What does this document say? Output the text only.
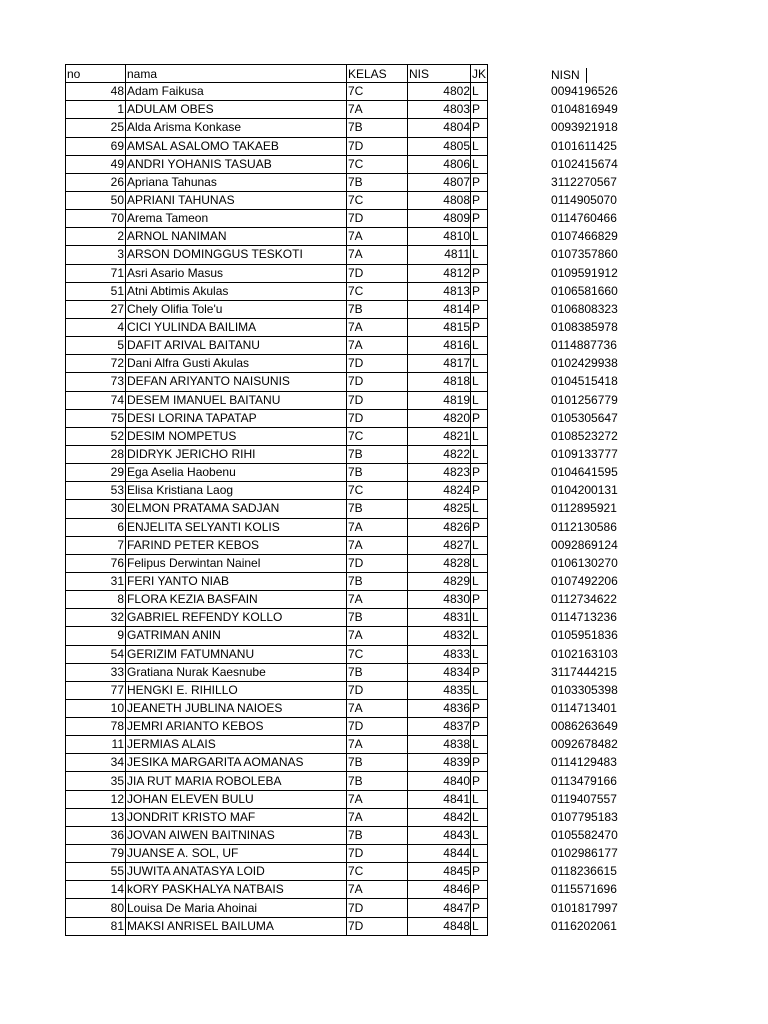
no	nama	KELAS	NIS	JK	NISN
48	Adam Faikusa	7C	4802	L	0094196526
1	ADULAM OBES	7A	4803	P	0104816949
25	Alda Arisma Konkase	7B	4804	P	0093921918
69	AMSAL ASALOMO TAKAEB	7D	4805	L	0101611425
49	ANDRI YOHANIS TASUAB	7C	4806	L	0102415674
26	Apriana Tahunas	7B	4807	P	3112270567
50	APRIANI TAHUNAS	7C	4808	P	0114905070
70	Arema Tameon	7D	4809	P	0114760466
2	ARNOL NANIMAN	7A	4810	L	0107466829
3	ARSON DOMINGGUS TESKOTI	7A	4811	L	0107357860
71	Asri Asario Masus	7D	4812	P	0109591912
51	Atni Abtimis Akulas	7C	4813	P	0106581660
27	Chely Olifia Tole'u	7B	4814	P	0106808323
4	CICI YULINDA BAILIMA	7A	4815	P	0108385978
5	DAFIT ARIVAL BAITANU	7A	4816	L	0114887736
72	Dani Alfra Gusti Akulas	7D	4817	L	0102429938
73	DEFAN ARIYANTO NAISUNIS	7D	4818	L	0104515418
74	DESEM IMANUEL BAITANU	7D	4819	L	0101256779
75	DESI LORINA TAPATAP	7D	4820	P	0105305647
52	DESIM NOMPETUS	7C	4821	L	0108523272
28	DIDRYK JERICHO RIHI	7B	4822	L	0109133777
29	Ega Aselia Haobenu	7B	4823	P	0104641595
53	Elisa Kristiana Laog	7C	4824	P	0104200131
30	ELMON PRATAMA SADJAN	7B	4825	L	0112895921
6	ENJELITA SELYANTI KOLIS	7A	4826	P	0112130586
7	FARIND PETER KEBOS	7A	4827	L	0092869124
76	Felipus Derwintan Nainel	7D	4828	L	0106130270
31	FERI YANTO NIAB	7B	4829	L	0107492206
8	FLORA KEZIA BASFAIN	7A	4830	P	0112734622
32	GABRIEL REFENDY KOLLO	7B	4831	L	0114713236
9	GATRIMAN ANIN	7A	4832	L	0105951836
54	GERIZIM FATUMNANU	7C	4833	L	0102163103
33	Gratiana Nurak Kaesnube	7B	4834	P	3117444215
77	HENGKI E. RIHILLO	7D	4835	L	0103305398
10	JEANETH JUBLINA NAIOES	7A	4836	P	0114713401
78	JEMRI ARIANTO KEBOS	7D	4837	P	0086263649
11	JERMIAS ALAIS	7A	4838	L	0092678482
34	JESIKA MARGARITA AOMANAS	7B	4839	P	0114129483
35	JIA RUT MARIA ROBOLEBA	7B	4840	P	0113479166
12	JOHAN ELEVEN BULU	7A	4841	L	0119407557
13	JONDRIT KRISTO MAF	7A	4842	L	0107795183
36	JOVAN AIWEN BAITNINAS	7B	4843	L	0105582470
79	JUANSE A. SOL, UF	7D	4844	L	0102986177
55	JUWITA ANATASYA LOID	7C	4845	P	0118236615
14	kORY PASKHALYA NATBAIS	7A	4846	P	0115571696
80	Louisa De Maria Ahoinai	7D	4847	P	0101817997
81	MAKSI ANRISEL BAILUMA	7D	4848	L	0116202061
